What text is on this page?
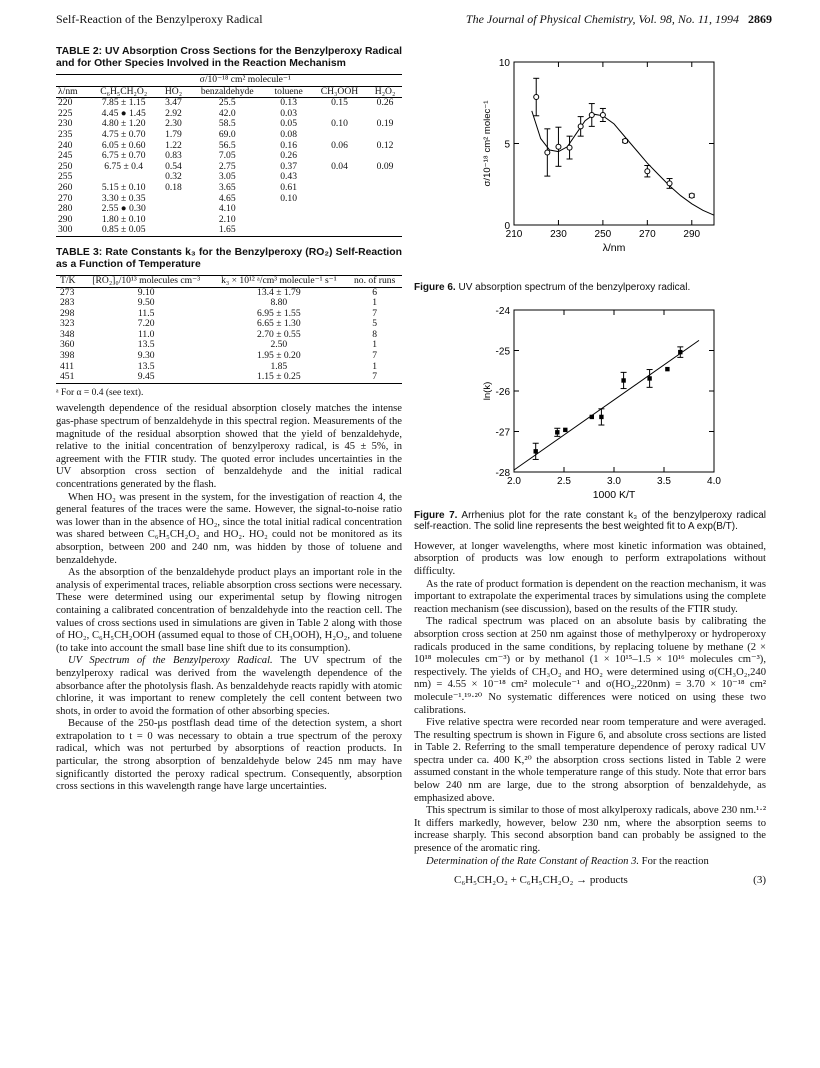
Self-Reaction of the Benzylperoxy Radical	The Journal of Physical Chemistry, Vol. 98, No. 11, 1994 2869
TABLE 2: UV Absorption Cross Sections for the Benzylperoxy Radical and for Other Species Involved in the Reaction Mechanism
	σ/10⁻¹⁸ cm² molecule⁻¹					
λ/nm	C₆H₅CH₂O₂	HO₂	benzaldehyde	toluene	CH₃OOH	H₂O₂
220	7.85 ± 1.15	3.47	25.5	0.13	0.15	0.26
225	4.45 ● 1.45	2.92	42.0	0.03		
230	4.80 ± 1.20	2.30	58.5	0.05	0.10	0.19
235	4.75 ± 0.70	1.79	69.0	0.08		
240	6.05 ± 0.60	1.22	56.5	0.16	0.06	0.12
245	6.75 ± 0.70	0.83	7.05	0.26		
250	6.75 ± 0.4	0.54	2.75	0.37	0.04	0.09
255		0.32	3.05	0.43		
260	5.15 ± 0.10	0.18	3.65	0.61		
270	3.30 ± 0.35		4.65	0.10		
280	2.55 ● 0.30		4.10			
290	1.80 ± 0.10		2.10			
300	0.85 ± 0.05		1.65			
TABLE 3: Rate Constants k₃ for the Benzylperoxy (RO₂) Self-Reaction as a Function of Temperature
T/K	[RO₂]₀/10¹³ molecules cm⁻³	k₃ × 10¹² ᵃ/cm³ molecule⁻¹ s⁻¹	no. of runs
273	9.10	13.4 ± 1.79	6
283	9.50	8.80	1
298	11.5	6.95 ± 1.55	7
323	7.20	6.65 ± 1.30	5
348	11.0	2.70 ± 0.55	8
360	13.5	2.50	1
398	9.30	1.95 ± 0.20	7
411	13.5	1.85	1
451	9.45	1.15 ± 0.25	7
ᵃ For α = 0.4 (see text).

wavelength dependence of the residual absorption closely matches the intense gas-phase spectrum of benzaldehyde in this spectral region. Measurements of the magnitude of the residual absorption showed that the yield of benzaldehyde, relative to the initial concentration of benzylperoxy radical, is 45 ± 5%, in agreement with the FTIR study. The quoted error includes uncertainties in the UV absorption cross section of benzaldehyde and the initial radical concentrations generated by the flash.

When HO₂ was present in the system, for the investigation of reaction 4, the general features of the traces were the same. However, the signal-to-noise ratio was lower than in the absence of HO₂, since the total initial radical concentration was shared between C₆H₅CH₂O₂ and HO₂. HO₂ could not be monitored as its absorption, between 200 and 240 nm, was hidden by those of toluene and benzaldehyde.

As the absorption of the benzaldehyde product plays an important role in the analysis of experimental traces, reliable absorption cross sections were necessary. These were determined using our experimental setup by flowing nitrogen containing a calibrated concentration of benzaldehyde into the reaction cell. The values of cross sections used in simulations are given in Table 2 along with those of HO₂, C₆H₅CH₂OOH (assumed equal to those of CH₃OOH), H₂O₂, and toluene (to take into account the small base line shift due to its consumption).

UV Spectrum of the Benzylperoxy Radical. The UV spectrum of the benzylperoxy radical was derived from the wavelength dependence of the absorbance after the photolysis flash. As benzaldehyde reacts rapidly with atomic chlorine, it was important to renew completely the cell content between two shots, in order to avoid the formation of other absorbing species.

Because of the 250-μs postflash dead time of the detection system, a short extrapolation to t = 0 was necessary to obtain a true spectrum of the peroxy radical, which was not perturbed by absorptions of reaction products. In particular, the strong absorption of benzaldehyde below 245 nm may have significantly distorted the peroxy radical spectrum. Consequently, absorption cross sections in this wavelength range have large uncertainties.

210	230	250	270	290
0
5
10
λ/nm
σ/10⁻¹⁸ cm² molec⁻¹
Figure 6. UV absorption spectrum of the benzylperoxy radical.
2.0	2.5	3.0	3.5	4.0
-24
-25
-26
-27
-28
1000 K/T
ln(k)
Figure 7. Arrhenius plot for the rate constant k₃ of the benzylperoxy radical self-reaction. The solid line represents the best weighted fit to A exp(B/T).

However, at longer wavelengths, where most kinetic information was obtained, absorption of products was low enough to perform extrapolations without difficulty.

As the rate of product formation is dependent on the reaction mechanism, it was important to extrapolate the experimental traces by simulations using the complete reaction mechanism (see discussion), based on the results of the FTIR study.

The radical spectrum was placed on an absolute basis by calibrating the absorption cross section at 250 nm against those of methylperoxy or hydroperoxy radicals produced in the same conditions, by replacing toluene by methane (2 × 10¹⁸ molecules cm⁻³) or by methanol (1 × 10¹⁵–1.5 × 10¹⁶ molecules cm⁻³), respectively. The yields of CH₃O₂ and HO₂ were determined using σ(CH₃O₂,240 nm) = 4.55 × 10⁻¹⁸ cm² molecule⁻¹ and σ(HO₂,220nm) = 3.70 × 10⁻¹⁸ cm² molecule⁻¹.¹⁹·²⁰ No systematic differences were noticed on using these two calibrations.

Five relative spectra were recorded near room temperature and were averaged. The resulting spectrum is shown in Figure 6, and absolute cross sections are listed in Table 2. Referring to the small temperature dependence of peroxy radical UV spectra under ca. 400 K,²⁰ the absorption cross sections listed in Table 2 were assumed constant in the whole temperature range of this study. Note that error bars below 240 nm are large, due to the strong absorption of benzaldehyde, as emphasized above.

This spectrum is similar to those of most alkylperoxy radicals, above 230 nm.¹·² It differs markedly, however, below 230 nm, where the absorption seems to increase sharply. This second absorption band can probably be assigned to the presence of the aromatic ring.

Determination of the Rate Constant of Reaction 3. For the reaction

C₆H₅CH₂O₂ + C₆H₅CH₂O₂ → products	(3)
